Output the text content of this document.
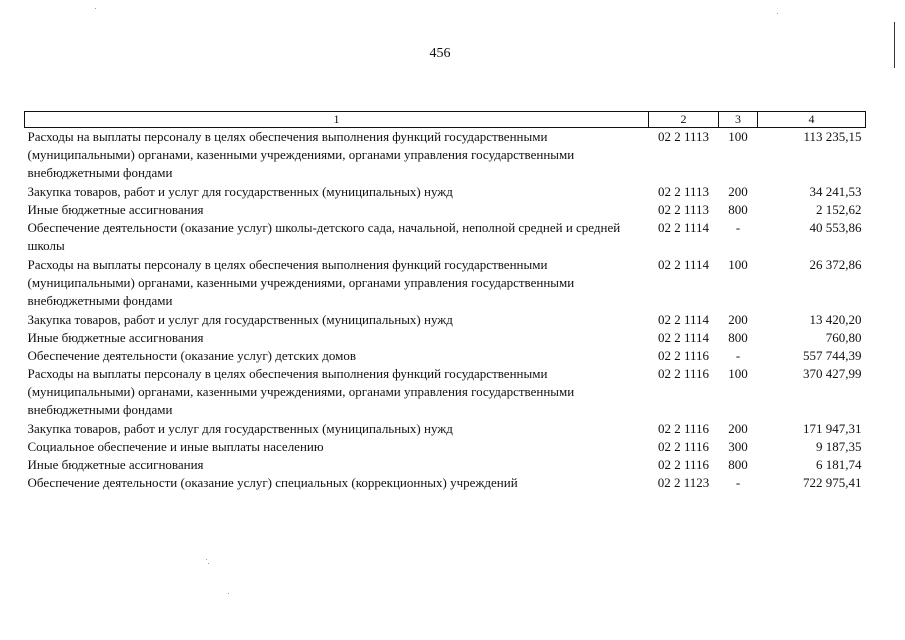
456
1	2	3	4
Расходы на выплаты персоналу в целях обеспечения выполнения функций государственными (муниципальными) органами, казенными учреждениями, органами управления государственными внебюджетными фондами	02 2 1113	100	113 235,15
Закупка товаров, работ и услуг для государственных (муниципальных) нужд	02 2 1113	200	34 241,53
Иные бюджетные ассигнования	02 2 1113	800	2 152,62
Обеспечение деятельности (оказание услуг) школы-детского сада, начальной, неполной средней и средней школы	02 2 1114	-	40 553,86
Расходы на выплаты персоналу в целях обеспечения выполнения функций государственными (муниципальными) органами, казенными учреждениями, органами управления государственными внебюджетными фондами	02 2 1114	100	26 372,86
Закупка товаров, работ и услуг для государственных (муниципальных) нужд	02 2 1114	200	13 420,20
Иные бюджетные ассигнования	02 2 1114	800	760,80
Обеспечение деятельности (оказание услуг) детских домов	02 2 1116	-	557 744,39
Расходы на выплаты персоналу в целях обеспечения выполнения функций государственными (муниципальными) органами, казенными учреждениями, органами управления государственными внебюджетными фондами	02 2 1116	100	370 427,99
Закупка товаров, работ и услуг для государственных (муниципальных) нужд	02 2 1116	200	171 947,31
Социальное обеспечение и иные выплаты населению	02 2 1116	300	9 187,35
Иные бюджетные ассигнования	02 2 1116	800	6 181,74
Обеспечение деятельности (оказание услуг) специальных (коррекционных) учреждений	02 2 1123	-	722 975,41
